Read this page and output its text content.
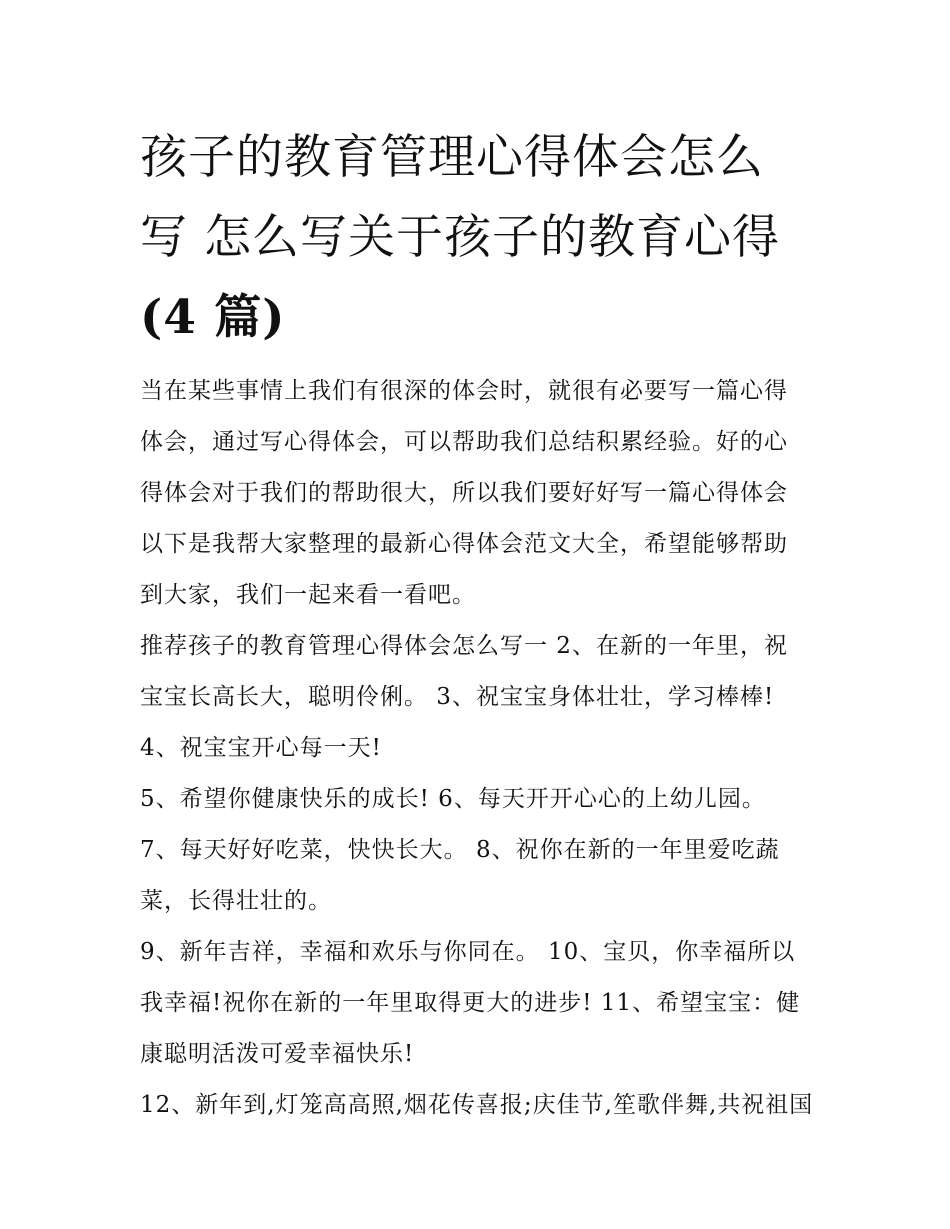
孩子的教育管理心得体会怎么
写 怎么写关于孩子的教育心得
(4 篇)

当在某些事情上我们有很深的体会时，就很有必要写一篇心得
体会，通过写心得体会，可以帮助我们总结积累经验。好的心
得体会对于我们的帮助很大，所以我们要好好写一篇心得体会
以下是我帮大家整理的最新心得体会范文大全，希望能够帮助
到大家，我们一起来看一看吧。

推荐孩子的教育管理心得体会怎么写一 2、在新的一年里，祝
宝宝长高长大，聪明伶俐。 3、祝宝宝身体壮壮，学习棒棒!
4、祝宝宝开心每一天!
5、希望你健康快乐的成长! 6、每天开开心心的上幼儿园。
7、每天好好吃菜，快快长大。 8、祝你在新的一年里爱吃蔬
菜，长得壮壮的。
9、新年吉祥，幸福和欢乐与你同在。 10、宝贝，你幸福所以
我幸福!祝你在新的一年里取得更大的进步! 11、希望宝宝：健
康聪明活泼可爱幸福快乐!
12、新年到,灯笼高高照,烟花传喜报;庆佳节,笙歌伴舞,共祝祖国
